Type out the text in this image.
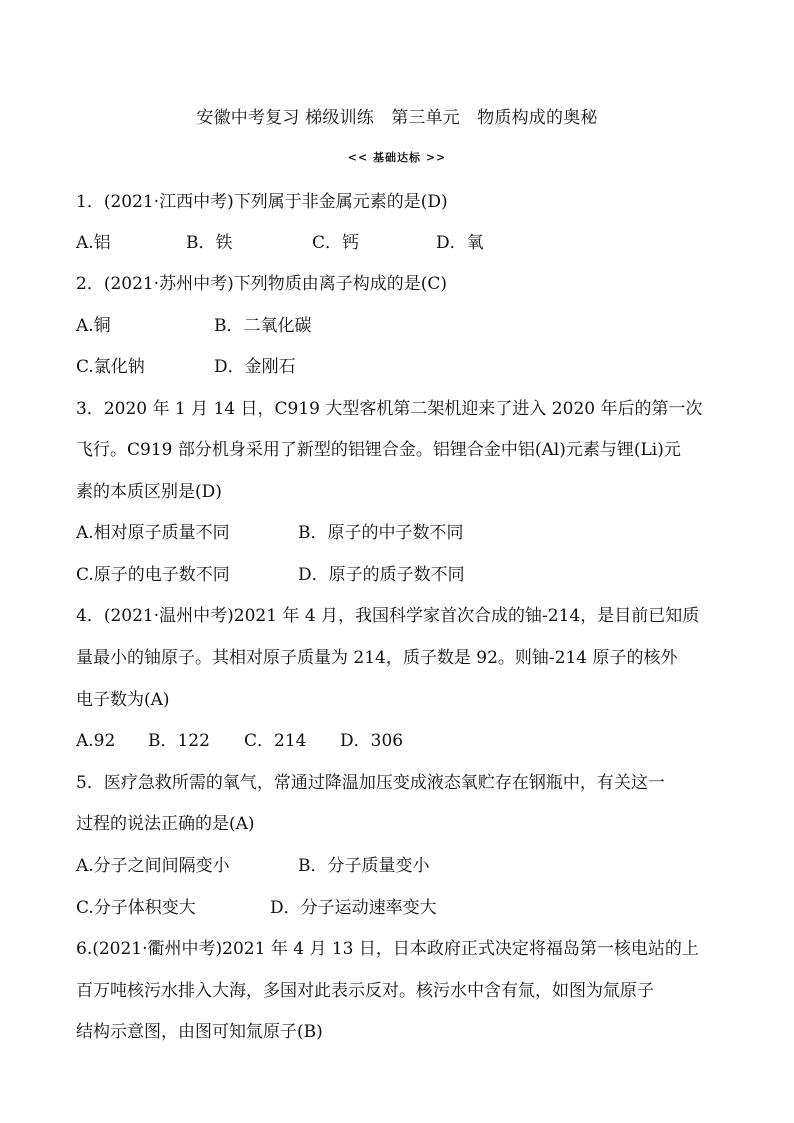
安徽中考复习 梯级训练　第三单元　物质构成的奥秘
<< 基础达标 >>
1．(2021·江西中考)下列属于非金属元素的是(D)

A.铝

	B．铁

	C．钙

	D．氧

2．(2021·苏州中考)下列物质由离子构成的是(C)

A.铜

	B．二氧化碳

C.氯化钠

	D．金刚石

3．2020 年 1 月 14 日，C919 大型客机第二架机迎来了进入 2020 年后的第一次
飞行。C919 部分机身采用了新型的铝锂合金。铝锂合金中铝(Al)元素与锂(Li)元
素的本质区别是(D)

A.相对原子质量不同

	B．原子的中子数不同

C.原子的电子数不同

	D．原子的质子数不同

4．(2021·温州中考)2021 年 4 月，我国科学家首次合成的铀-214，是目前已知质
量最小的铀原子。其相对原子质量为 214，质子数是 92。则铀-214 原子的核外
电子数为(A)

A.92

B．122

C．214

D．306

5．医疗急救所需的氧气，常通过降温加压变成液态氧贮存在钢瓶中，有关这一
过程的说法正确的是(A)

A.分子之间间隔变小

	B．分子质量变小

C.分子体积变大

	D．分子运动速率变大

6.(2021·衢州中考)2021 年 4 月 13 日，日本政府正式决定将福岛第一核电站的上
百万吨核污水排入大海，多国对此表示反对。核污水中含有氚，如图为氚原子
结构示意图，由图可知氚原子(B)
